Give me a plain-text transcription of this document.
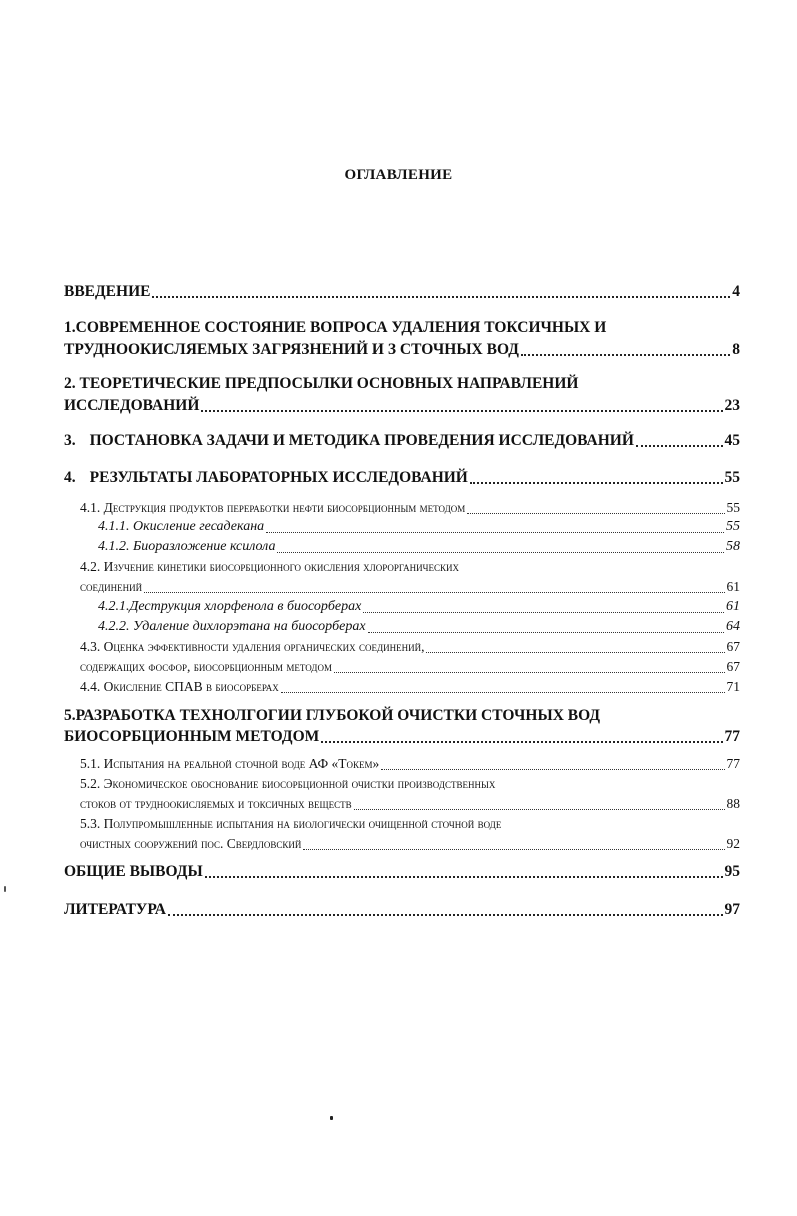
ОГЛАВЛЕНИЕ
ВВЕДЕНИЕ	4
1.СОВРЕМЕННОЕ СОСТОЯНИЕ ВОПРОСА УДАЛЕНИЯ ТОКСИЧНЫХ И
ТРУДНООКИСЛЯЕМЫХ ЗАГРЯЗНЕНИЙ И З СТОЧНЫХ ВОД	8
2. ТЕОРЕТИЧЕСКИЕ ПРЕДПОСЫЛКИ ОСНОВНЫХ НАПРАВЛЕНИЙ
ИССЛЕДОВАНИЙ	23
3. ПОСТАНОВКА ЗАДАЧИ И МЕТОДИКА ПРОВЕДЕНИЯ ИССЛЕДОВАНИЙ	45
4. РЕЗУЛЬТАТЫ ЛАБОРАТОРНЫХ ИССЛЕДОВАНИЙ	55
4.1. Деструкция продуктов переработки нефти биосорбционным методом	55
4.1.1. Окисление гесадекана	55
4.1.2. Биоразложение ксилола	58
4.2. Изучение кинетики биосорбционного окисления хлорорганических
соединений	61
4.2.1.Деструкция хлорфенола в биосорберах	61
4.2.2. Удаление дихлорэтана на биосорберах	64
4.3. Оценка эффективности удаления органических соединений,	67
содержащих фосфор, биосорбционным методом	67
4.4. Окисление СПАВ в биосорберах	71
5.РАЗРАБОТКА ТЕХНОЛГОГИИ ГЛУБОКОЙ ОЧИСТКИ СТОЧНЫХ ВОД
БИОСОРБЦИОННЫМ МЕТОДОМ	77
5.1. Испытания на реальной сточной воде АФ «Токем»	77
5.2. Экономическое обоснование биосорбционной очистки производственных
стоков от трудноокисляемых и токсичных веществ	88
5.3. Полупромышленные испытания на биологически очищенной сточной воде
очистных сооружений пос. Свердловский	92
ОБЩИЕ ВЫВОДЫ	95
ЛИТЕРАТУРА	97
